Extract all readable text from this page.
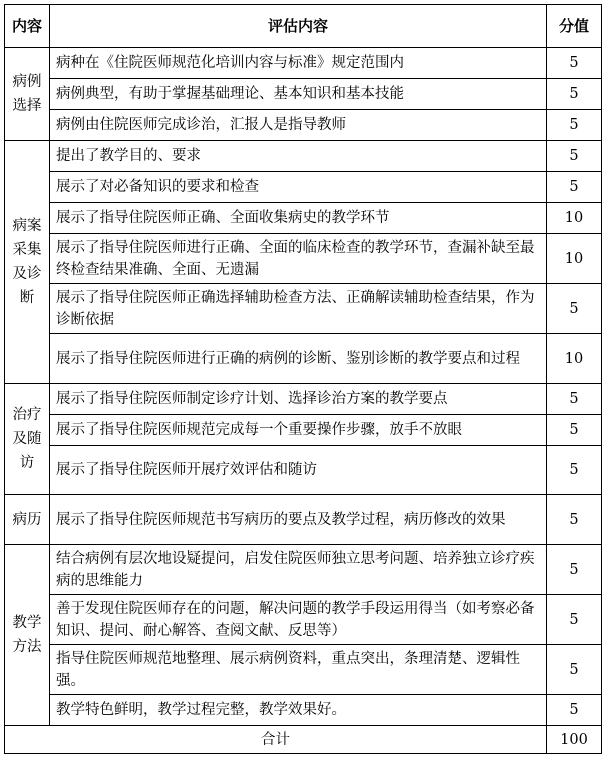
内容	评估内容	分值
病例选择	病种在《住院医师规范化培训内容与标准》规定范围内	5
	病例典型，有助于掌握基础理论、基本知识和基本技能	5
	病例由住院医师完成诊治，汇报人是指导教师	5
病案采集及诊断	提出了教学目的、要求	5
	展示了对必备知识的要求和检查	5
	展示了指导住院医师正确、全面收集病史的教学环节	10
	展示了指导住院医师进行正确、全面的临床检查的教学环节，查漏补缺至最终检查结果准确、全面、无遗漏	10
	展示了指导住院医师正确选择辅助检查方法、正确解读辅助检查结果，作为诊断依据	5
	展示了指导住院医师进行正确的病例的诊断、鉴别诊断的教学要点和过程	10
治疗及随访	展示了指导住院医师制定诊疗计划、选择诊治方案的教学要点	5
	展示了指导住院医师规范完成每一个重要操作步骤，放手不放眼	5
	展示了指导住院医师开展疗效评估和随访	5
病历	展示了指导住院医师规范书写病历的要点及教学过程，病历修改的效果	5
教学方法	结合病例有层次地设疑提问，启发住院医师独立思考问题、培养独立诊疗疾病的思维能力	5
	善于发现住院医师存在的问题，解决问题的教学手段运用得当（如考察必备知识、提问、耐心解答、查阅文献、反思等）	5
	指导住院医师规范地整理、展示病例资料，重点突出，条理清楚、逻辑性强。	5
	教学特色鲜明，教学过程完整，教学效果好。	5
合计		100
